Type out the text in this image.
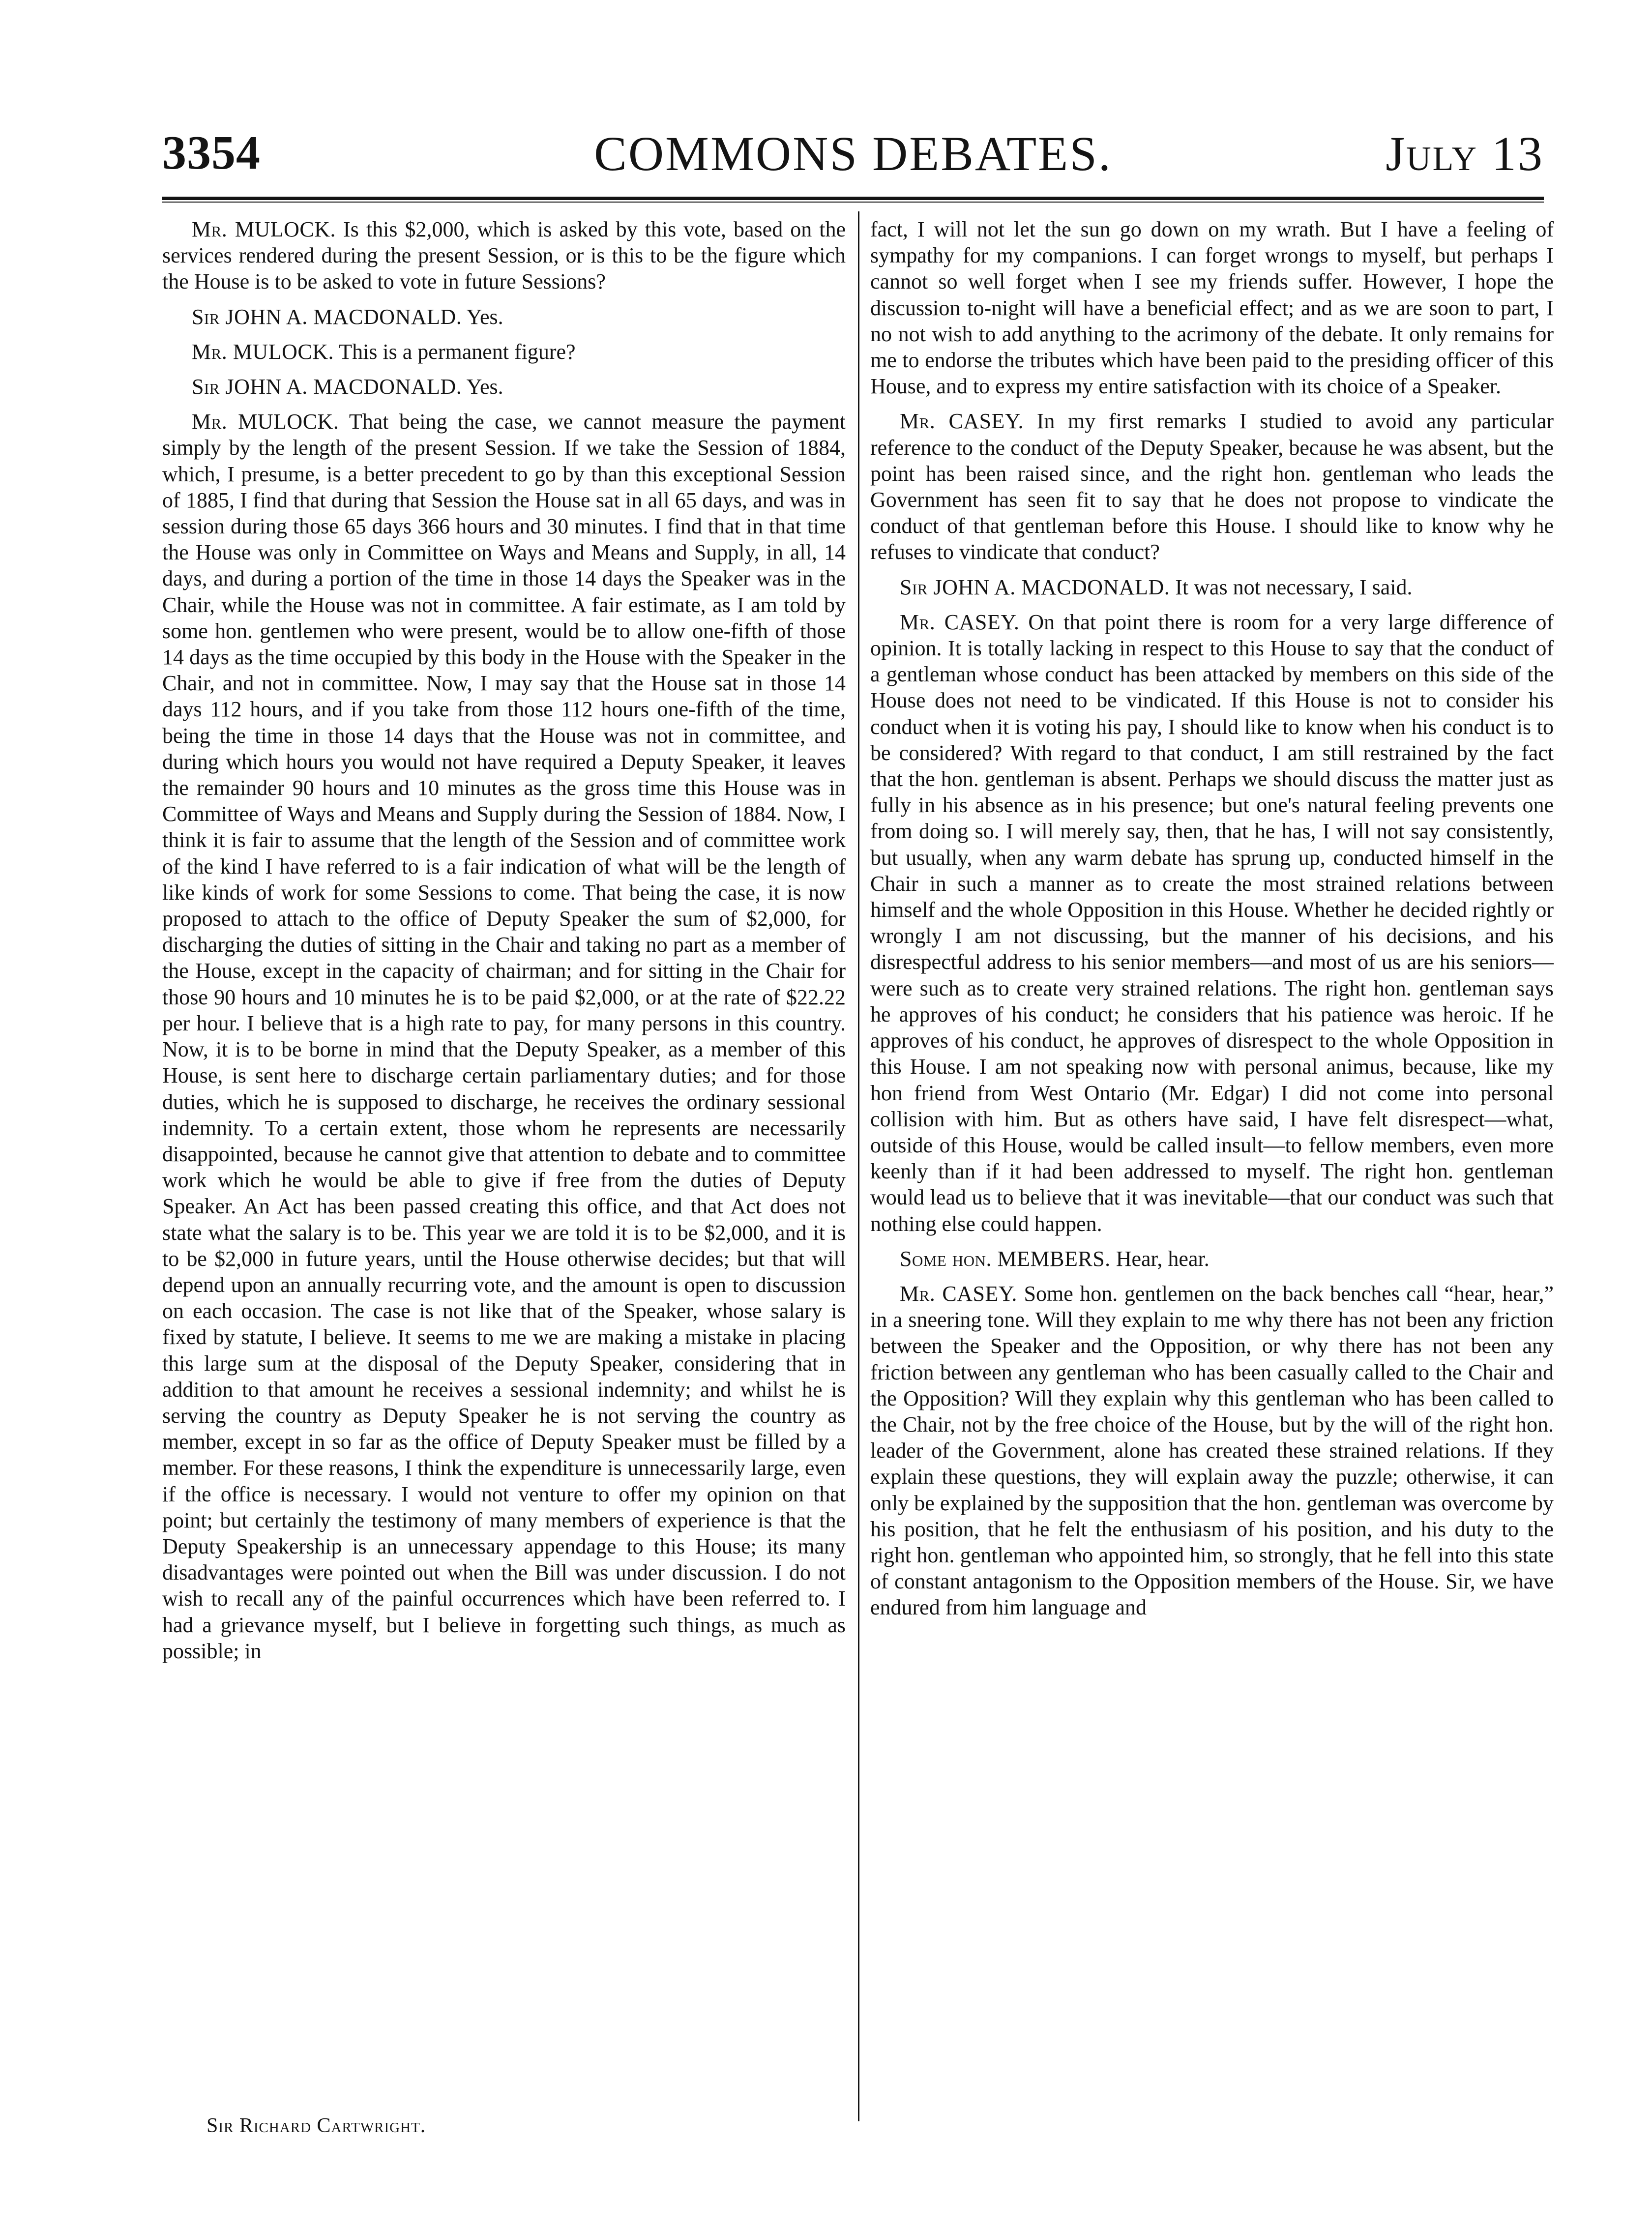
3354	COMMONS DEBATES.	July 13

Mr. MULOCK. Is this $2,000, which is asked by this vote, based on the services rendered during the present Session, or is this to be the figure which the House is to be asked to vote in future Sessions?

Sir JOHN A. MACDONALD. Yes.

Mr. MULOCK. This is a permanent figure?

Sir JOHN A. MACDONALD. Yes.

Mr. MULOCK. That being the case, we cannot measure the payment simply by the length of the present Session. If we take the Session of 1884, which, I presume, is a better precedent to go by than this exceptional Session of 1885, I find that during that Session the House sat in all 65 days, and was in session during those 65 days 366 hours and 30 minutes. I find that in that time the House was only in Committee on Ways and Means and Supply, in all, 14 days, and during a portion of the time in those 14 days the Speaker was in the Chair, while the House was not in committee. A fair estimate, as I am told by some hon. gentlemen who were present, would be to allow one-fifth of those 14 days as the time occupied by this body in the House with the Speaker in the Chair, and not in committee. Now, I may say that the House sat in those 14 days 112 hours, and if you take from those 112 hours one-fifth of the time, being the time in those 14 days that the House was not in committee, and during which hours you would not have required a Deputy Speaker, it leaves the remainder 90 hours and 10 minutes as the gross time this House was in Committee of Ways and Means and Supply during the Session of 1884. Now, I think it is fair to assume that the length of the Session and of committee work of the kind I have referred to is a fair indication of what will be the length of like kinds of work for some Sessions to come. That being the case, it is now proposed to attach to the office of Deputy Speaker the sum of $2,000, for discharging the duties of sitting in the Chair and taking no part as a member of the House, except in the capacity of chairman; and for sitting in the Chair for those 90 hours and 10 minutes he is to be paid $2,000, or at the rate of $22.22 per hour. I believe that is a high rate to pay, for many persons in this country. Now, it is to be borne in mind that the Deputy Speaker, as a member of this House, is sent here to discharge certain parliamentary duties; and for those duties, which he is supposed to discharge, he receives the ordinary sessional indemnity. To a certain extent, those whom he represents are necessarily disappointed, because he cannot give that attention to debate and to committee work which he would be able to give if free from the duties of Deputy Speaker. An Act has been passed creating this office, and that Act does not state what the salary is to be. This year we are told it is to be $2,000, and it is to be $2,000 in future years, until the House otherwise decides; but that will depend upon an annually recurring vote, and the amount is open to discussion on each occasion. The case is not like that of the Speaker, whose salary is fixed by statute, I believe. It seems to me we are making a mistake in placing this large sum at the disposal of the Deputy Speaker, considering that in addition to that amount he receives a sessional indemnity; and whilst he is serving the country as Deputy Speaker he is not serving the country as member, except in so far as the office of Deputy Speaker must be filled by a member. For these reasons, I think the expenditure is unnecessarily large, even if the office is necessary. I would not venture to offer my opinion on that point; but certainly the testimony of many members of experience is that the Deputy Speakership is an unnecessary appendage to this House; its many disadvantages were pointed out when the Bill was under discussion. I do not wish to recall any of the painful occurrences which have been referred to. I had a grievance myself, but I believe in forgetting such things, as much as possible; in

fact, I will not let the sun go down on my wrath. But I have a feeling of sympathy for my companions. I can forget wrongs to myself, but perhaps I cannot so well forget when I see my friends suffer. However, I hope the discussion to-night will have a beneficial effect; and as we are soon to part, I no not wish to add anything to the acrimony of the debate. It only remains for me to endorse the tributes which have been paid to the presiding officer of this House, and to express my entire satisfaction with its choice of a Speaker.

Mr. CASEY. In my first remarks I studied to avoid any particular reference to the conduct of the Deputy Speaker, because he was absent, but the point has been raised since, and the right hon. gentleman who leads the Government has seen fit to say that he does not propose to vindicate the conduct of that gentleman before this House. I should like to know why he refuses to vindicate that conduct?

Sir JOHN A. MACDONALD. It was not necessary, I said.

Mr. CASEY. On that point there is room for a very large difference of opinion. It is totally lacking in respect to this House to say that the conduct of a gentleman whose conduct has been attacked by members on this side of the House does not need to be vindicated. If this House is not to consider his conduct when it is voting his pay, I should like to know when his conduct is to be considered? With regard to that conduct, I am still restrained by the fact that the hon. gentleman is absent. Perhaps we should discuss the matter just as fully in his absence as in his presence; but one's natural feeling prevents one from doing so. I will merely say, then, that he has, I will not say consistently, but usually, when any warm debate has sprung up, conducted himself in the Chair in such a manner as to create the most strained relations between himself and the whole Opposition in this House. Whether he decided rightly or wrongly I am not discussing, but the manner of his decisions, and his disrespectful address to his senior members—and most of us are his seniors—were such as to create very strained relations. The right hon. gentleman says he approves of his conduct; he considers that his patience was heroic. If he approves of his conduct, he approves of disrespect to the whole Opposition in this House. I am not speaking now with personal animus, because, like my hon friend from West Ontario (Mr. Edgar) I did not come into personal collision with him. But as others have said, I have felt disrespect—what, outside of this House, would be called insult—to fellow members, even more keenly than if it had been addressed to myself. The right hon. gentleman would lead us to believe that it was inevitable—that our conduct was such that nothing else could happen.

Some hon. MEMBERS. Hear, hear.

Mr. CASEY. Some hon. gentlemen on the back benches call “hear, hear,” in a sneering tone. Will they explain to me why there has not been any friction between the Speaker and the Opposition, or why there has not been any friction between any gentleman who has been casually called to the Chair and the Opposition? Will they explain why this gentleman who has been called to the Chair, not by the free choice of the House, but by the will of the right hon. leader of the Government, alone has created these strained relations. If they explain these questions, they will explain away the puzzle; otherwise, it can only be explained by the supposition that the hon. gentleman was overcome by his position, that he felt the enthusiasm of his position, and his duty to the right hon. gentleman who appointed him, so strongly, that he fell into this state of constant antagonism to the Opposition members of the House. Sir, we have endured from him language and

Sir Richard Cartwright.
